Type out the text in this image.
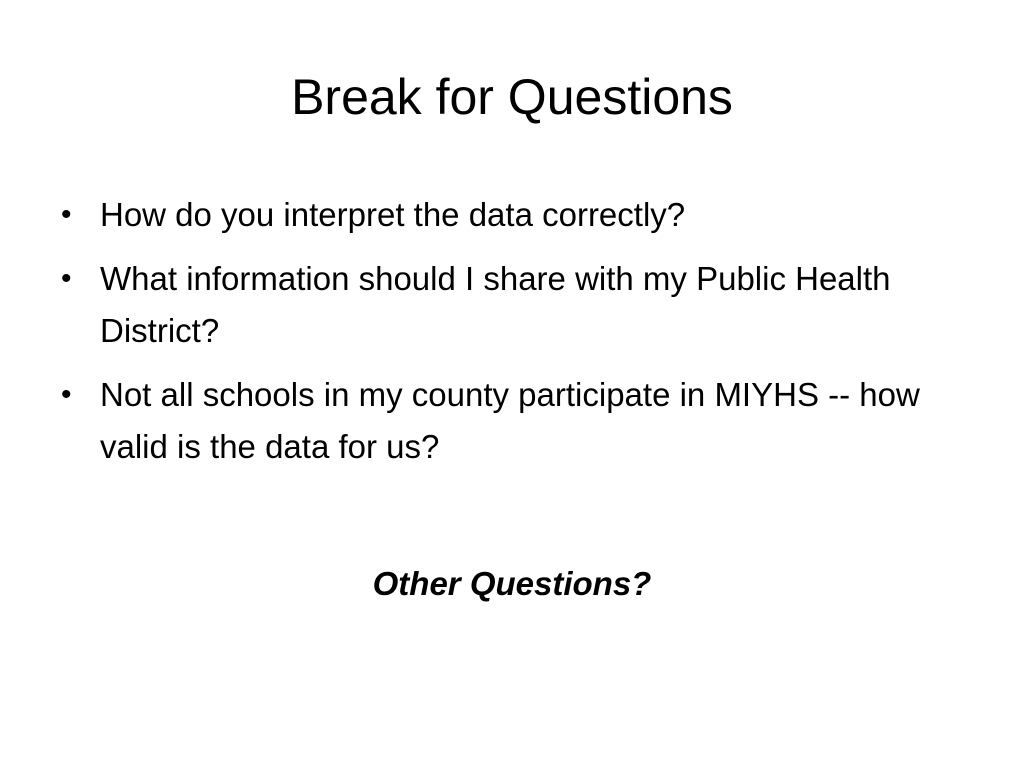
Break for Questions
• How do you interpret the data correctly?
• What information should I share with my Public Health District?
• Not all schools in my county participate in MIYHS -- how valid is the data for us?

Other Questions?
